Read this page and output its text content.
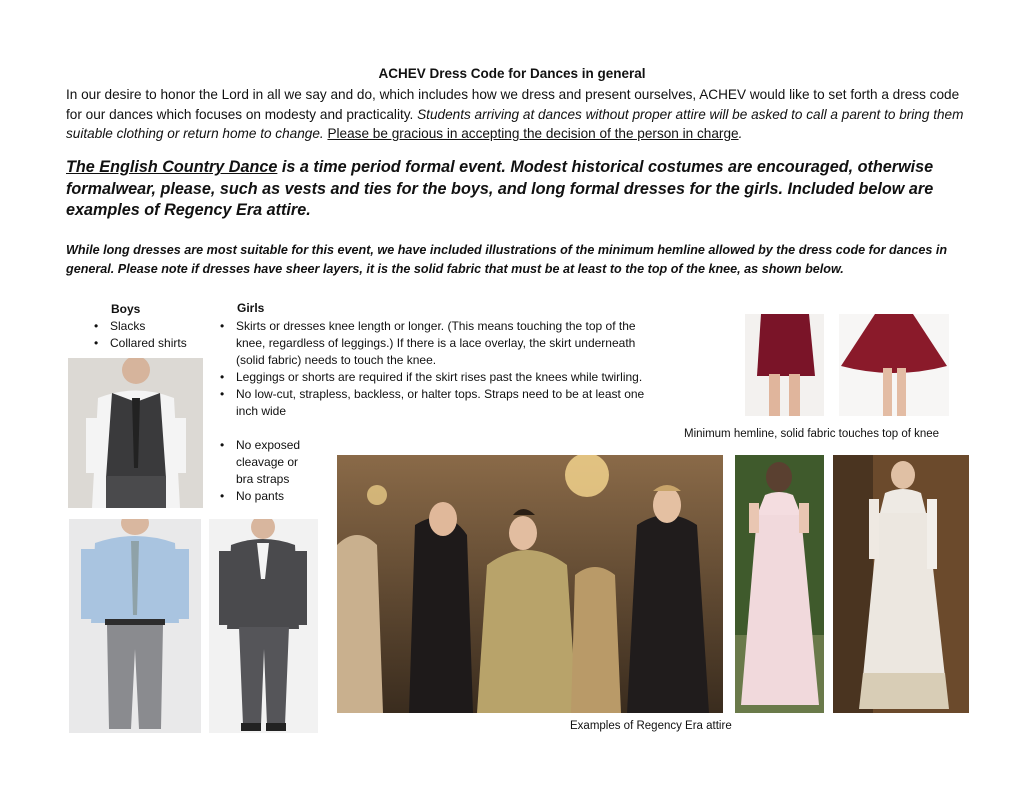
ACHEV Dress Code for Dances in general
In our desire to honor the Lord in all we say and do, which includes how we dress and present ourselves, ACHEV would like to set forth a dress code for our dances which focuses on modesty and practicality. Students arriving at dances without proper attire will be asked to call a parent to bring them suitable clothing or return home to change. Please be gracious in accepting the decision of the person in charge.
The English Country Dance is a time period formal event. Modest historical costumes are encouraged, otherwise formalwear, please, such as vests and ties for the boys, and long formal dresses for the girls. Included below are examples of Regency Era attire.
While long dresses are most suitable for this event, we have included illustrations of the minimum hemline allowed by the dress code for dances in general. Please note if dresses have sheer layers, it is the solid fabric that must be at least to the top of the knee, as shown below.
Boys
• Slacks
• Collared shirts
Girls
• Skirts or dresses knee length or longer. (This means touching the top of the knee, regardless of leggings.) If there is a lace overlay, the skirt underneath (solid fabric) needs to touch the knee.
• Leggings or shorts are required if the skirt rises past the knees while twirling.
• No low-cut, strapless, backless, or halter tops. Straps need to be at least one inch wide
• No exposed cleavage or bra straps
• No pants
Minimum hemline, solid fabric touches top of knee
Examples of Regency Era attire
